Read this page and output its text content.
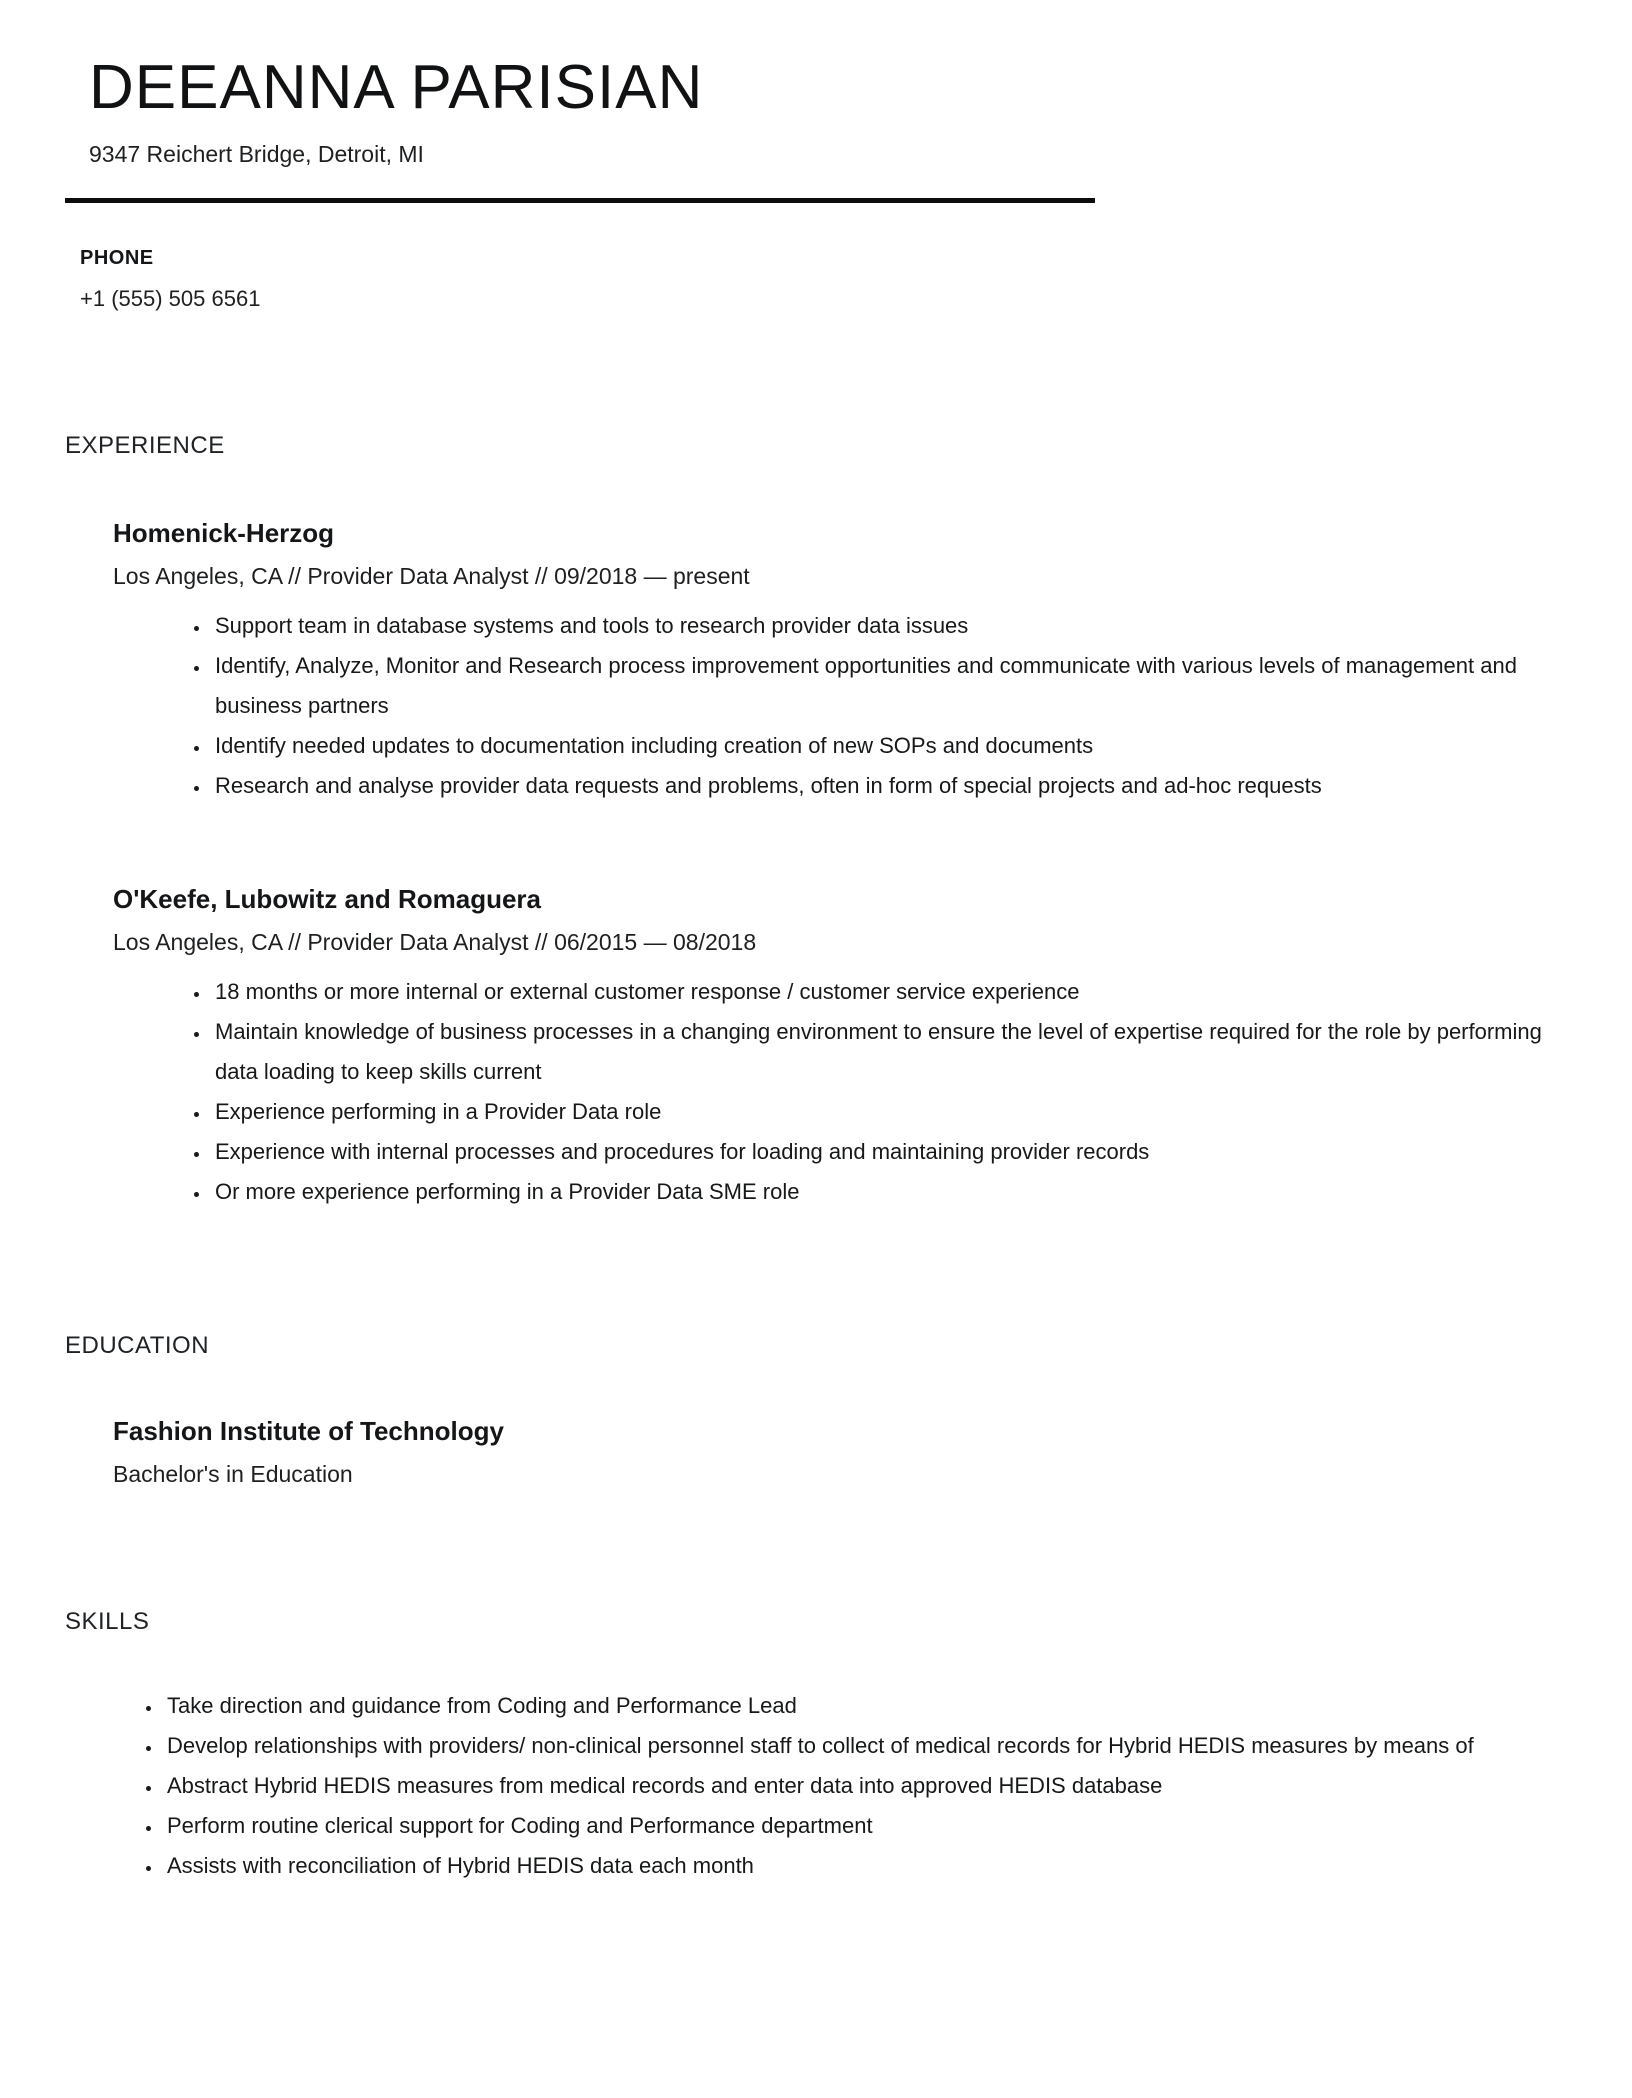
DEEANNA PARISIAN
9347 Reichert Bridge, Detroit, MI
PHONE
+1 (555) 505 6561
EXPERIENCE
Homenick-Herzog
Los Angeles, CA // Provider Data Analyst // 09/2018 — present
• Support team in database systems and tools to research provider data issues
• Identify, Analyze, Monitor and Research process improvement opportunities and communicate with various levels of management and business partners
• Identify needed updates to documentation including creation of new SOPs and documents
• Research and analyse provider data requests and problems, often in form of special projects and ad-hoc requests
O'Keefe, Lubowitz and Romaguera
Los Angeles, CA // Provider Data Analyst // 06/2015 — 08/2018
• 18 months or more internal or external customer response / customer service experience
• Maintain knowledge of business processes in a changing environment to ensure the level of expertise required for the role by performing data loading to keep skills current
• Experience performing in a Provider Data role
• Experience with internal processes and procedures for loading and maintaining provider records
• Or more experience performing in a Provider Data SME role
EDUCATION
Fashion Institute of Technology
Bachelor's in Education
SKILLS
• Take direction and guidance from Coding and Performance Lead
• Develop relationships with providers/ non-clinical personnel staff to collect of medical records for Hybrid HEDIS measures by means of
• Abstract Hybrid HEDIS measures from medical records and enter data into approved HEDIS database
• Perform routine clerical support for Coding and Performance department
• Assists with reconciliation of Hybrid HEDIS data each month
